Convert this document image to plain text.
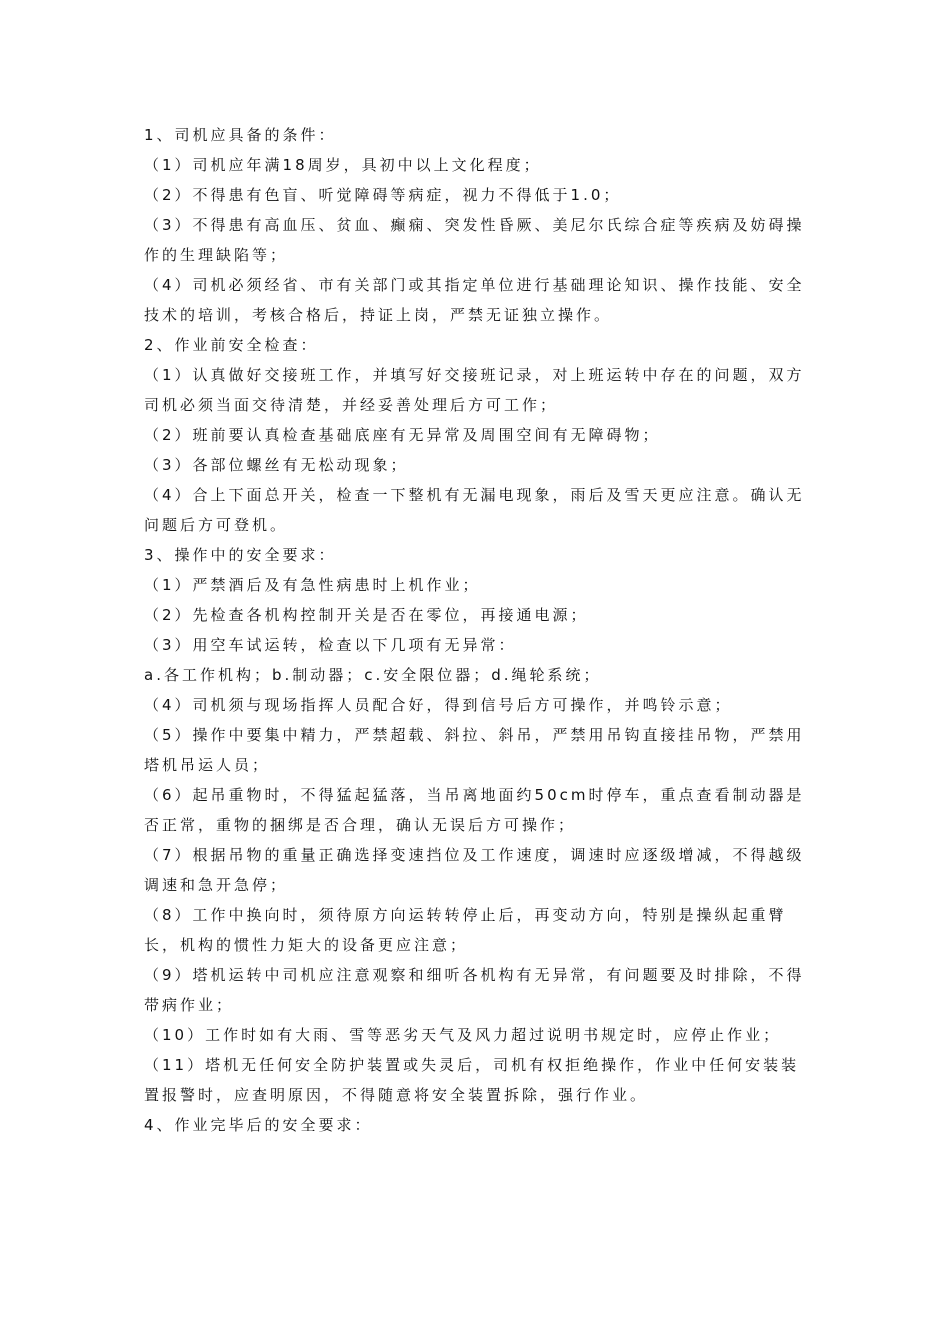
1、司机应具备的条件：

（1）司机应年满18周岁，具初中以上文化程度；

（2）不得患有色盲、听觉障碍等病症，视力不得低于1.0；

（3）不得患有高血压、贫血、癫痫、突发性昏厥、美尼尔氏综合症等疾病及妨碍操作的生理缺陷等；

（4）司机必须经省、市有关部门或其指定单位进行基础理论知识、操作技能、安全技术的培训，考核合格后，持证上岗，严禁无证独立操作。

2、作业前安全检查：

（1）认真做好交接班工作，并填写好交接班记录，对上班运转中存在的问题，双方司机必须当面交待清楚，并经妥善处理后方可工作；

（2）班前要认真检查基础底座有无异常及周围空间有无障碍物；

（3）各部位螺丝有无松动现象；

（4）合上下面总开关，检查一下整机有无漏电现象，雨后及雪天更应注意。确认无问题后方可登机。

3、操作中的安全要求：

（1）严禁酒后及有急性病患时上机作业；

（2）先检查各机构控制开关是否在零位，再接通电源；

（3）用空车试运转，检查以下几项有无异常：

a.各工作机构；b.制动器；c.安全限位器；d.绳轮系统；

（4）司机须与现场指挥人员配合好，得到信号后方可操作，并鸣铃示意；

（5）操作中要集中精力，严禁超载、斜拉、斜吊，严禁用吊钩直接挂吊物，严禁用塔机吊运人员；

（6）起吊重物时，不得猛起猛落，当吊离地面约50cm时停车，重点查看制动器是否正常，重物的捆绑是否合理，确认无误后方可操作；

（7）根据吊物的重量正确选择变速挡位及工作速度，调速时应逐级增减，不得越级调速和急开急停；

（8）工作中换向时，须待原方向运转转停止后，再变动方向，特别是操纵起重臂长，机构的惯性力矩大的设备更应注意；

（9）塔机运转中司机应注意观察和细听各机构有无异常，有问题要及时排除，不得带病作业；

（10）工作时如有大雨、雪等恶劣天气及风力超过说明书规定时，应停止作业；

（11）塔机无任何安全防护装置或失灵后，司机有权拒绝操作，作业中任何安装装置报警时，应查明原因，不得随意将安全装置拆除，强行作业。

4、作业完毕后的安全要求：
